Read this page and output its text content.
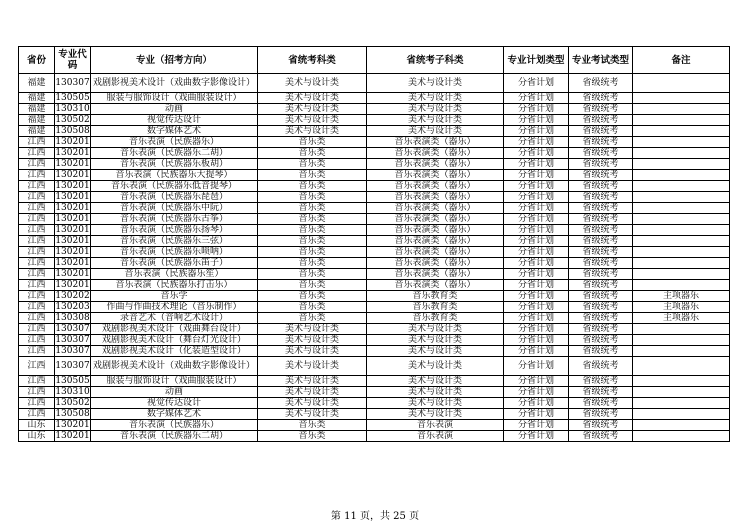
省份	专业代码	专业（招考方向）	省统考科类	省统考子科类	专业计划类型	专业考试类型	备注
福建	130307	戏剧影视美术设计（戏曲数字影像设计）	美术与设计类	美术与设计类	分省计划	省级统考	
福建	130505	服装与服饰设计（戏曲服装设计）	美术与设计类	美术与设计类	分省计划	省级统考	
福建	130310	动画	美术与设计类	美术与设计类	分省计划	省级统考	
福建	130502	视觉传达设计	美术与设计类	美术与设计类	分省计划	省级统考	
福建	130508	数字媒体艺术	美术与设计类	美术与设计类	分省计划	省级统考	
江西	130201	音乐表演（民族器乐）	音乐类	音乐表演类（器乐）	分省计划	省级统考	
江西	130201	音乐表演（民族器乐二胡）	音乐类	音乐表演类（器乐）	分省计划	省级统考	
江西	130201	音乐表演（民族器乐板胡）	音乐类	音乐表演类（器乐）	分省计划	省级统考	
江西	130201	音乐表演（民族器乐大提琴）	音乐类	音乐表演类（器乐）	分省计划	省级统考	
江西	130201	音乐表演（民族器乐低音提琴）	音乐类	音乐表演类（器乐）	分省计划	省级统考	
江西	130201	音乐表演（民族器乐琵琶）	音乐类	音乐表演类（器乐）	分省计划	省级统考	
江西	130201	音乐表演（民族器乐中阮）	音乐类	音乐表演类（器乐）	分省计划	省级统考	
江西	130201	音乐表演（民族器乐古筝）	音乐类	音乐表演类（器乐）	分省计划	省级统考	
江西	130201	音乐表演（民族器乐扬琴）	音乐类	音乐表演类（器乐）	分省计划	省级统考	
江西	130201	音乐表演（民族器乐三弦）	音乐类	音乐表演类（器乐）	分省计划	省级统考	
江西	130201	音乐表演（民族器乐唢呐）	音乐类	音乐表演类（器乐）	分省计划	省级统考	
江西	130201	音乐表演（民族器乐笛子）	音乐类	音乐表演类（器乐）	分省计划	省级统考	
江西	130201	音乐表演（民族器乐笙）	音乐类	音乐表演类（器乐）	分省计划	省级统考	
江西	130201	音乐表演（民族器乐打击乐）	音乐类	音乐表演类（器乐）	分省计划	省级统考	
江西	130202	音乐学	音乐类	音乐教育类	分省计划	省级统考	主项器乐
江西	130203	作曲与作曲技术理论（音乐制作）	音乐类	音乐教育类	分省计划	省级统考	主项器乐
江西	130308	录音艺术（音响艺术设计）	音乐类	音乐教育类	分省计划	省级统考	主项器乐
江西	130307	戏剧影视美术设计（戏曲舞台设计）	美术与设计类	美术与设计类	分省计划	省级统考	
江西	130307	戏剧影视美术设计（舞台灯光设计）	美术与设计类	美术与设计类	分省计划	省级统考	
江西	130307	戏剧影视美术设计（化装造型设计）	美术与设计类	美术与设计类	分省计划	省级统考	
江西	130307	戏剧影视美术设计（戏曲数字影像设计）	美术与设计类	美术与设计类	分省计划	省级统考	
江西	130505	服装与服饰设计（戏曲服装设计）	美术与设计类	美术与设计类	分省计划	省级统考	
江西	130310	动画	美术与设计类	美术与设计类	分省计划	省级统考	
江西	130502	视觉传达设计	美术与设计类	美术与设计类	分省计划	省级统考	
江西	130508	数字媒体艺术	美术与设计类	美术与设计类	分省计划	省级统考	
山东	130201	音乐表演（民族器乐）	音乐类	音乐表演	分省计划	省级统考	
山东	130201	音乐表演（民族器乐二胡）	音乐类	音乐表演	分省计划	省级统考	
第 11 页，共 25 页
